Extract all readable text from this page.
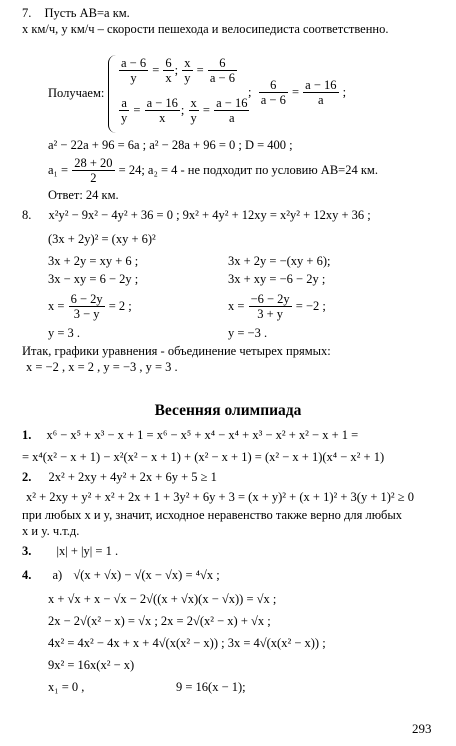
7. Пусть AB=a км.
x км/ч, y км/ч – скорости пешехода и велосипедиста соответственно.
Получаем:
$\frac{a - 6}{y} = \frac{6}{x}$ ; $\frac{x}{y} = \frac{6}{a - 6}$
$\frac{a}{y} = \frac{a - 16}{x}$ ; $\frac{x}{y} = \frac{a - 16}{a}$
; $\frac{6}{a - 6} = \frac{a - 16}{a}$ ;
a² − 22a + 96 = 6a ; a² − 28a + 96 = 0 ; D = 400 ;
$a_1 = \frac{28 + 20}{2} = 24$; a₂ = 4 - не подходит по условию AB=24 км.
Ответ: 24 км.
8. x²y² − 9x² − 4y² + 36 = 0 ; 9x² + 4y² + 12xy = x²y² + 12xy + 36 ;
(3x + 2y)² = (xy + 6)²
3x + 2y = xy + 6 ;	3x + 2y = −(xy + 6);
3x − xy = 6 − 2y ;	3x + xy = −6 − 2y ;
$x = \frac{6 - 2y}{3 - y} = 2$ ;	$x = \frac{-6 - 2y}{3 + y} = -2$ ;
y = 3 .	y = −3 .
Итак, графики уравнения - объединение четырех прямых:
x = −2 , x = 2 , y = −3 , y = 3 .
Весенняя олимпиада
1. x⁶ − x⁵ + x³ − x + 1 = x⁶ − x⁵ + x⁴ − x⁴ + x³ − x² + x² − x + 1 =
= x⁴(x² − x + 1) − x²(x² − x + 1) + (x² − x + 1) = (x² − x + 1)(x⁴ − x² + 1)
2. 2x² + 2xy + 4y² + 2x + 6y + 5 ≥ 1
x² + 2xy + y² + x² + 2x + 1 + 3y² + 6y + 3 = (x + y)² + (x + 1)² + 3(y + 1)² ≥ 0
при любых x и y, значит, исходное неравенство также верно для любых
x и y. ч.т.д.
3. |x| + |y| = 1 .
4. а) √(x + √x) − √(x − √x) = ⁴√x ;
x + √x + x − √x − 2√((x + √x)(x − √x)) = √x ;
2x − 2√(x² − x) = √x ; 2x = 2√(x² − x) + √x ;
4x² = 4x² − 4x + x + 4√(x(x² − x)) ; 3x = 4√(x(x² − x)) ;
9x² = 16x(x² − x)
x₁ = 0 ,	9 = 16(x − 1);
293
